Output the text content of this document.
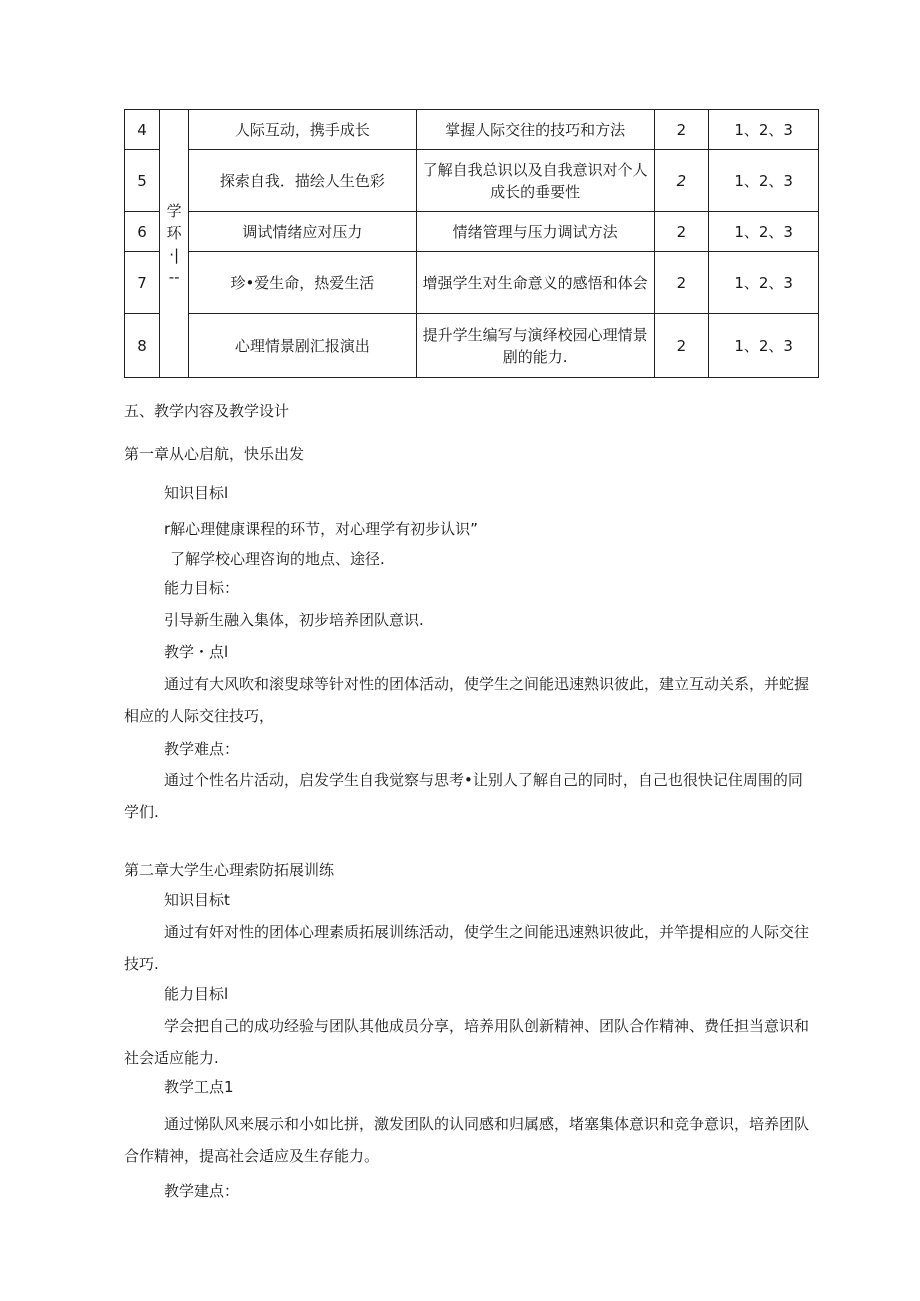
4	学 环·|‑‑	人际互动，携手成长	掌握人际交往的技巧和方法	2	1、2、3
5		探索自我．描绘人生色彩	了解自我总识以及自我意识对个人成长的垂要性	2	1、2、3
6		调试情绪应对压力	情绪管理与压力调试方法	2	1、2、3
7		珍•爱生命，热爱生活	增强学生对生命意义的感悟和体会	2	1、2、3
8		心理情景剧汇报演出	提升学生编写与演绎校园心理情景剧的能力.	2	1、2、3
五、教学内容及教学设计
第一章从心启航，快乐出发
知识目标l
r解心理健康课程的环节，对心理学有初步认识”
了解学校心理咨询的地点、途径.
能力目标：
引导新生融入集体，初步培养团队意识.
教学・点l
通过有大风吹和滚叟球等针对性的团体活动，使学生之间能迅速熟识彼此，建立互动关系，并蛇握相应的人际交往技巧，
教学难点：
通过个性名片活动，启发学生自我觉察与思考•让别人了解自己的同时，自己也很快记住周围的同学们.
第二章大学生心理索防拓展训练
知识目标t
通过有奸对性的团体心理素质拓展训练活动，使学生之间能迅速熟识彼此，并竿提相应的人际交往技巧.
能力目标l
学会把自己的成功经验与团队其他成员分享，培养用队创新精神、团队合作精神、费任担当意识和社会适应能力.
教学工点1
通过悌队风来展示和小如比拼，激发团队的认同感和归属感，堵塞集体意识和竞争意识，培养团队合作精神，提高社会适应及生存能力。
教学建点：
